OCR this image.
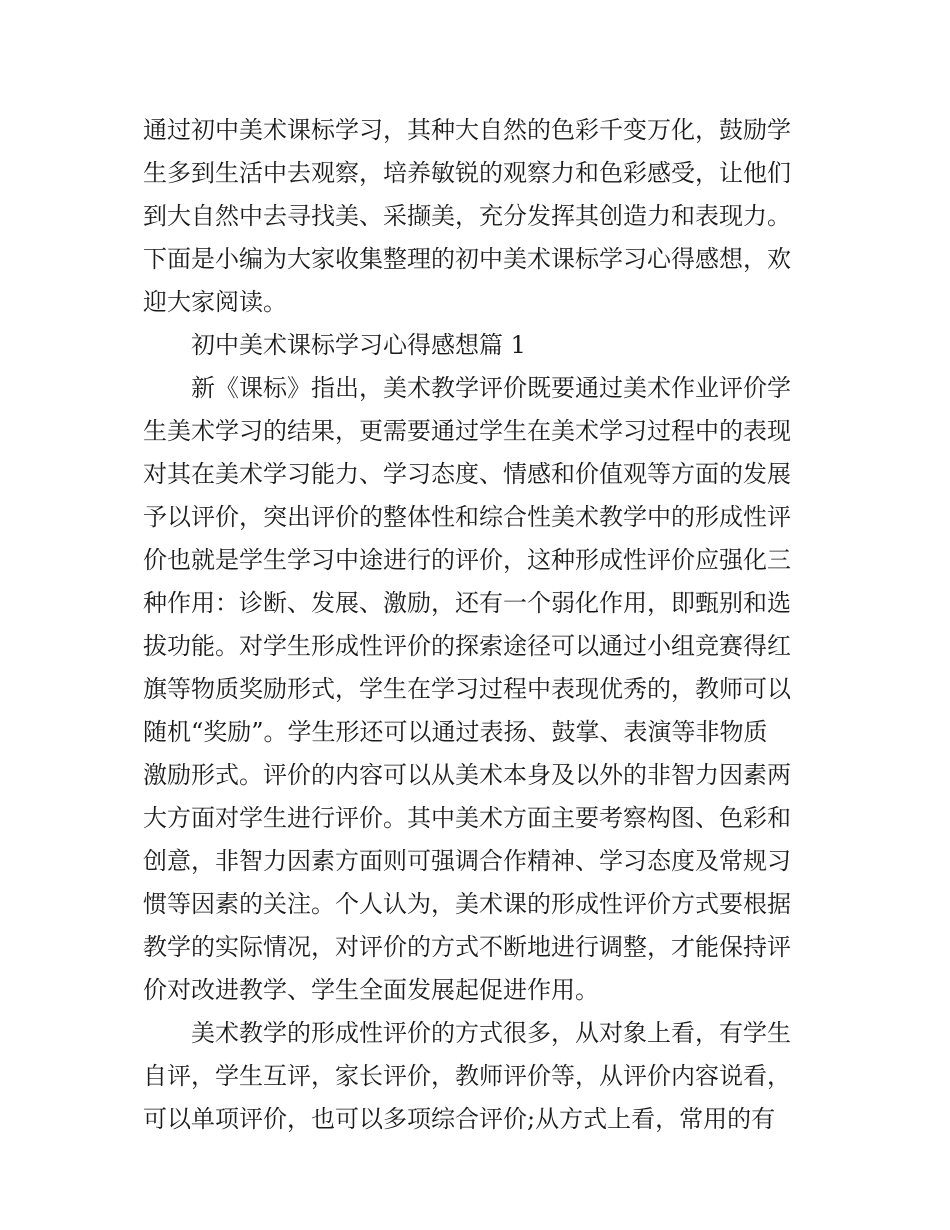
通过初中美术课标学习，其种大自然的色彩千变万化，鼓励学
生多到生活中去观察，培养敏锐的观察力和色彩感受，让他们
到大自然中去寻找美、采撷美，充分发挥其创造力和表现力。
下面是小编为大家收集整理的初中美术课标学习心得感想，欢
迎大家阅读。
初中美术课标学习心得感想篇 1
新《课标》指出，美术教学评价既要通过美术作业评价学
生美术学习的结果，更需要通过学生在美术学习过程中的表现
对其在美术学习能力、学习态度、情感和价值观等方面的发展
予以评价，突出评价的整体性和综合性美术教学中的形成性评
价也就是学生学习中途进行的评价，这种形成性评价应强化三
种作用：诊断、发展、激励，还有一个弱化作用，即甄别和选
拔功能。对学生形成性评价的探索途径可以通过小组竞赛得红
旗等物质奖励形式，学生在学习过程中表现优秀的，教师可以
随机“奖励”。学生形还可以通过表扬、鼓掌、表演等非物质
激励形式。评价的内容可以从美术本身及以外的非智力因素两
大方面对学生进行评价。其中美术方面主要考察构图、色彩和
创意，非智力因素方面则可强调合作精神、学习态度及常规习
惯等因素的关注。个人认为，美术课的形成性评价方式要根据
教学的实际情况，对评价的方式不断地进行调整，才能保持评
价对改进教学、学生全面发展起促进作用。
美术教学的形成性评价的方式很多，从对象上看，有学生
自评，学生互评，家长评价，教师评价等，从评价内容说看，
可以单项评价，也可以多项综合评价;从方式上看，常用的有
